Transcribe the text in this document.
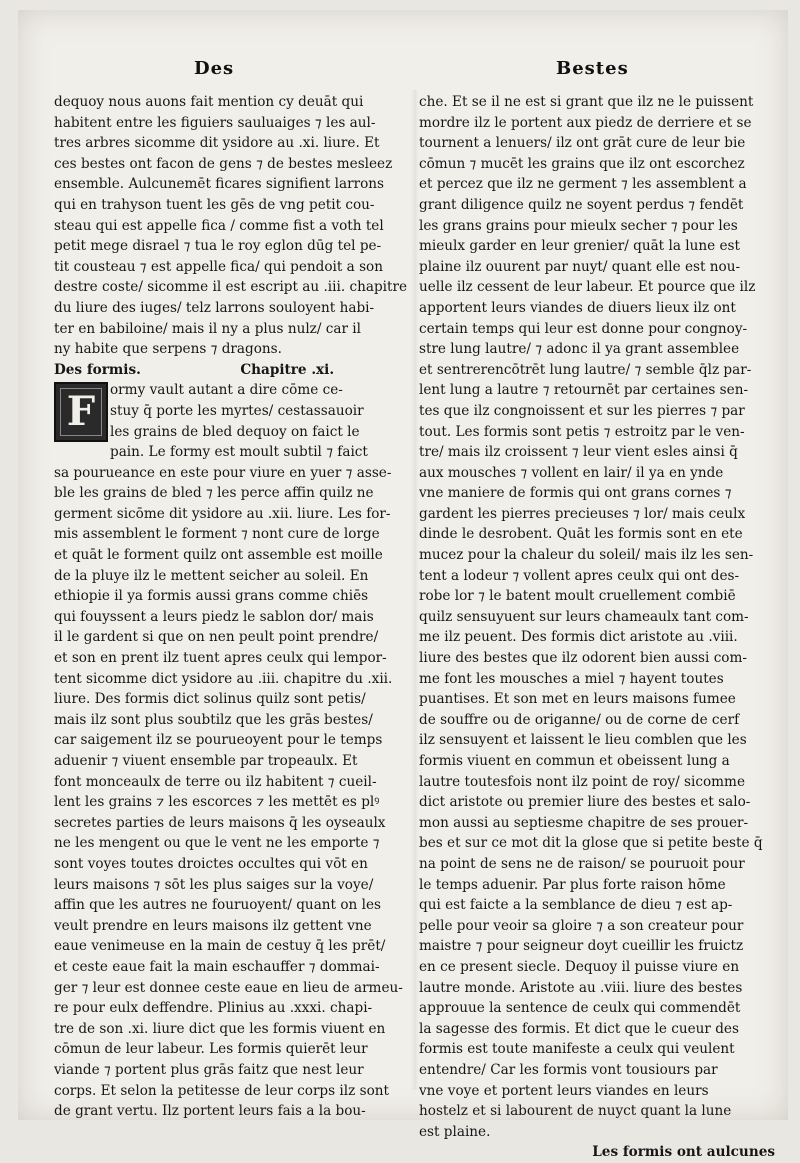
Des	Bestes
dequoy nous auons fait mention cy deuāt qui
habitent entre les figuiers sauluaiges ⁊ les aul-
tres arbres sicomme dit ysidore au .xi. liure. Et
ces bestes ont facon de gens ⁊ de bestes mesleez
ensemble. Aulcunemēt ficares signifient larrons
qui en trahyson tuent les gēs de vng petit cou-
steau qui est appelle fica / comme fist a voth tel
petit mege disrael ⁊ tua le roy eglon dūg tel pe-
tit cousteau ⁊ est appelle fica/ qui pendoit a son
destre coste/ sicomme il est escript au .iii. chapitre
du liure des iuges/ telz larrons souloyent habi-
ter en babiloine/ mais il ny a plus nulz/ car il
ny habite que serpens ⁊ dragons.
Des formis.	Chapitre .xi.
F	ormy vault autant a dire cōme ce-
stuy q̄ porte les myrtes/ cestassauoir
les grains de bled dequoy on faict le
pain. Le formy est moult subtil ⁊ faict
sa pourueance en este pour viure en yuer ⁊ asse-
ble les grains de bled ⁊ les perce affin quilz ne
germent sicōme dit ysidore au .xii. liure. Les for-
mis assemblent le forment ⁊ nont cure de lorge
et quāt le forment quilz ont assemble est moille
de la pluye ilz le mettent seicher au soleil. En
ethiopie il ya formis aussi grans comme chiēs
qui fouyssent a leurs piedz le sablon dor/ mais
il le gardent si que on nen peult point prendre/
et son en prent ilz tuent apres ceulx qui lempor-
tent sicomme dict ysidore au .iii. chapitre du .xii.
liure. Des formis dict solinus quilz sont petis/
mais ilz sont plus soubtilz que les grās bestes/
car saigement ilz se pourueoyent pour le temps
aduenir ⁊ viuent ensemble par tropeaulx. Et
font monceaulx de terre ou ilz habitent ⁊ cueil-
lent les grains ⁊ les escorces ⁊ les mettēt es plꝰ
secretes parties de leurs maisons q̄ les oyseaulx
ne les mengent ou que le vent ne les emporte ⁊
sont voyes toutes droictes occultes qui vōt en
leurs maisons ⁊ sōt les plus saiges sur la voye/
affin que les autres ne fouruoyent/ quant on les
veult prendre en leurs maisons ilz gettent vne
eaue venimeuse en la main de cestuy q̄ les prēt/
et ceste eaue fait la main eschauffer ⁊ dommai-
ger ⁊ leur est donnee ceste eaue en lieu de armeu-
re pour eulx deffendre. Plinius au .xxxi. chapi-
tre de son .xi. liure dict que les formis viuent en
cōmun de leur labeur. Les formis quierēt leur
viande ⁊ portent plus grās faitz que nest leur
corps. Et selon la petitesse de leur corps ilz sont
de grant vertu. Ilz portent leurs fais a la bou-
che. Et se il ne est si grant que ilz ne le puissent
mordre ilz le portent aux piedz de derriere et se
tournent a lenuers/ ilz ont grāt cure de leur bie
cōmun ⁊ mucēt les grains que ilz ont escorchez
et percez que ilz ne germent ⁊ les assemblent a
grant diligence quilz ne soyent perdus ⁊ fendēt
les grans grains pour mieulx secher ⁊ pour les
mieulx garder en leur grenier/ quāt la lune est
plaine ilz ouurent par nuyt/ quant elle est nou-
uelle ilz cessent de leur labeur. Et pource que ilz
apportent leurs viandes de diuers lieux ilz ont
certain temps qui leur est donne pour congnoy-
stre lung lautre/ ⁊ adonc il ya grant assemblee
et sentrerencōtrēt lung lautre/ ⁊ semble q̄lz par-
lent lung a lautre ⁊ retournēt par certaines sen-
tes que ilz congnoissent et sur les pierres ⁊ par
tout. Les formis sont petis ⁊ estroitz par le ven-
tre/ mais ilz croissent ⁊ leur vient esles ainsi q̄
aux mousches ⁊ vollent en lair/ il ya en ynde
vne maniere de formis qui ont grans cornes ⁊
gardent les pierres precieuses ⁊ lor/ mais ceulx
dinde le desrobent. Quāt les formis sont en ete
mucez pour la chaleur du soleil/ mais ilz les sen-
tent a lodeur ⁊ vollent apres ceulx qui ont des-
robe lor ⁊ le batent moult cruellement combiē
quilz sensuyuent sur leurs chameaulx tant com-
me ilz peuent. Des formis dict aristote au .viii.
liure des bestes que ilz odorent bien aussi com-
me font les mousches a miel ⁊ hayent toutes
puantises. Et son met en leurs maisons fumee
de souffre ou de origanne/ ou de corne de cerf
ilz sensuyent et laissent le lieu comblen que les
formis viuent en commun et obeissent lung a
lautre toutesfois nont ilz point de roy/ sicomme
dict aristote ou premier liure des bestes et salo-
mon aussi au septiesme chapitre de ses prouer-
bes et sur ce mot dit la glose que si petite beste q̄
na point de sens ne de raison/ se pouruoit pour
le temps aduenir. Par plus forte raison hōme
qui est faicte a la semblance de dieu ⁊ est ap-
pelle pour veoir sa gloire ⁊ a son createur pour
maistre ⁊ pour seigneur doyt cueillir les fruictz
en ce present siecle. Dequoy il puisse viure en
lautre monde. Aristote au .viii. liure des bestes
approuue la sentence de ceulx qui commendēt
la sagesse des formis. Et dict que le cueur des
formis est toute manifeste a ceulx qui veulent
entendre/ Car les formis vont tousiours par
vne voye et portent leurs viandes en leurs
hostelz et si labourent de nuyct quant la lune
est plaine.
Les formis ont aulcunes
